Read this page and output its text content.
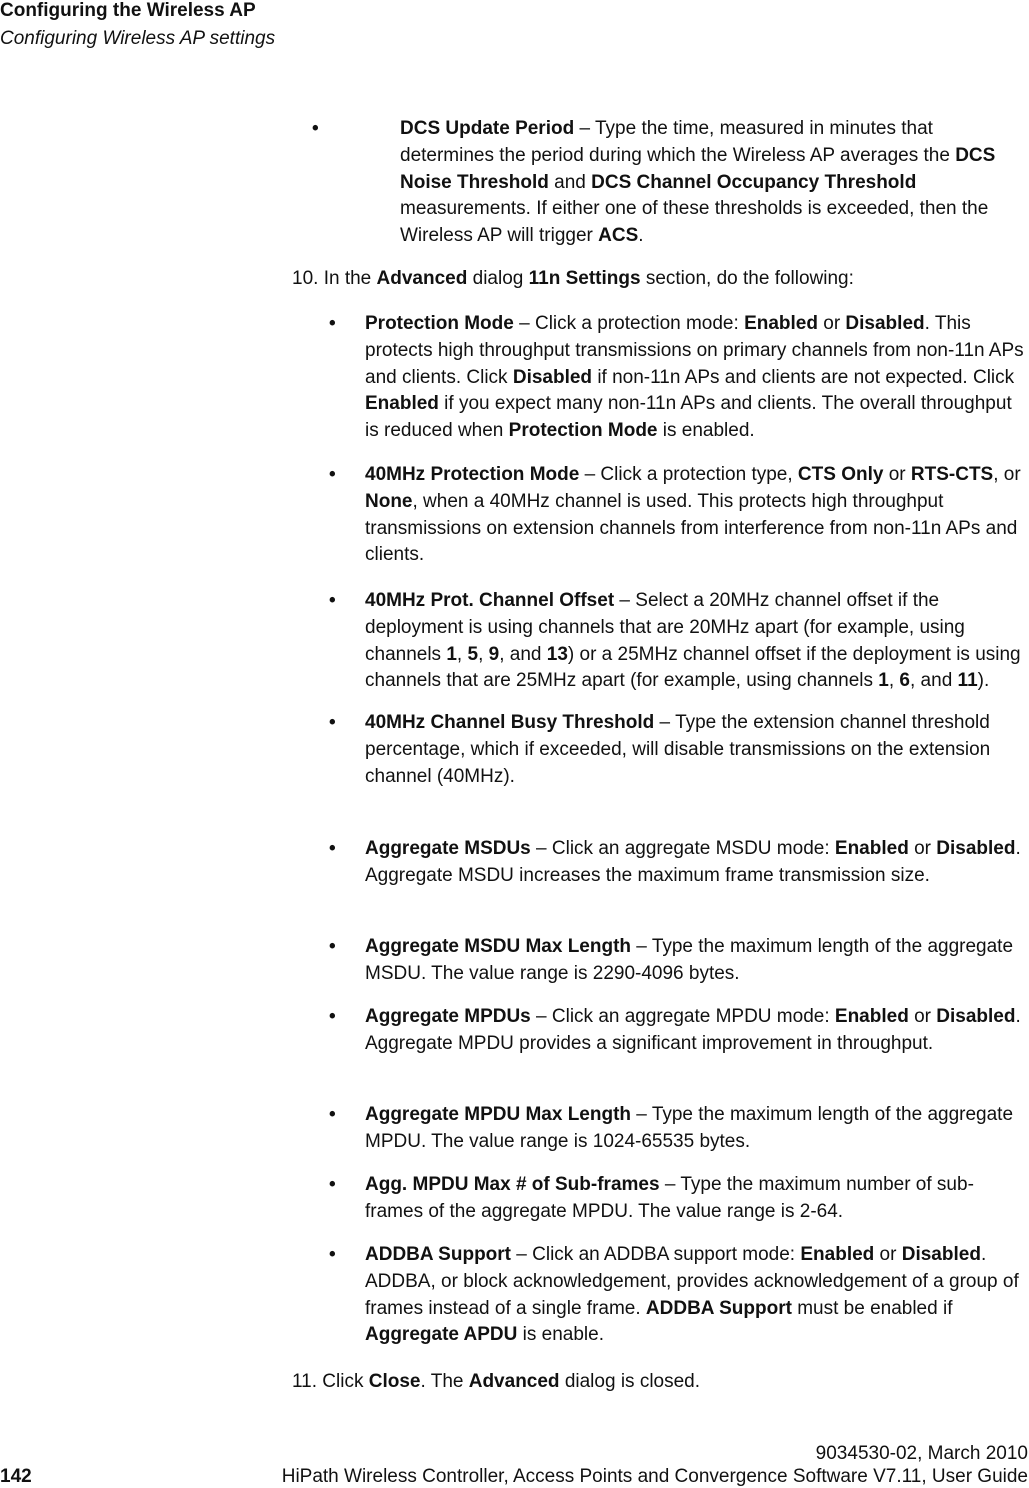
Configuring the Wireless AP
Configuring Wireless AP settings
•	DCS Update Period – Type the time, measured in minutes that determines the period during which the Wireless AP averages the DCS Noise Threshold and DCS Channel Occupancy Threshold measurements. If either one of these thresholds is exceeded, then the Wireless AP will trigger ACS.
10. In the Advanced dialog 11n Settings section, do the following:
• Protection Mode – Click a protection mode: Enabled or Disabled. This protects high throughput transmissions on primary channels from non-11n APs and clients. Click Disabled if non-11n APs and clients are not expected. Click Enabled if you expect many non-11n APs and clients. The overall throughput is reduced when Protection Mode is enabled.
• 40MHz Protection Mode – Click a protection type, CTS Only or RTS-CTS, or None, when a 40MHz channel is used. This protects high throughput transmissions on extension channels from interference from non-11n APs and clients.
• 40MHz Prot. Channel Offset – Select a 20MHz channel offset if the deployment is using channels that are 20MHz apart (for example, using channels 1, 5, 9, and 13) or a 25MHz channel offset if the deployment is using channels that are 25MHz apart (for example, using channels 1, 6, and 11).
• 40MHz Channel Busy Threshold – Type the extension channel threshold percentage, which if exceeded, will disable transmissions on the extension channel (40MHz).
• Aggregate MSDUs – Click an aggregate MSDU mode: Enabled or Disabled. Aggregate MSDU increases the maximum frame transmission size.
• Aggregate MSDU Max Length – Type the maximum length of the aggregate MSDU. The value range is 2290-4096 bytes.
• Aggregate MPDUs – Click an aggregate MPDU mode: Enabled or Disabled. Aggregate MPDU provides a significant improvement in throughput.
• Aggregate MPDU Max Length – Type the maximum length of the aggregate MPDU. The value range is 1024-65535 bytes.
• Agg. MPDU Max # of Sub-frames – Type the maximum number of sub-frames of the aggregate MPDU. The value range is 2-64.
• ADDBA Support – Click an ADDBA support mode: Enabled or Disabled. ADDBA, or block acknowledgement, provides acknowledgement of a group of frames instead of a single frame. ADDBA Support must be enabled if Aggregate APDU is enable.
11. Click Close. The Advanced dialog is closed.
9034530-02, March 2010
142	HiPath Wireless Controller, Access Points and Convergence Software V7.11, User Guide
